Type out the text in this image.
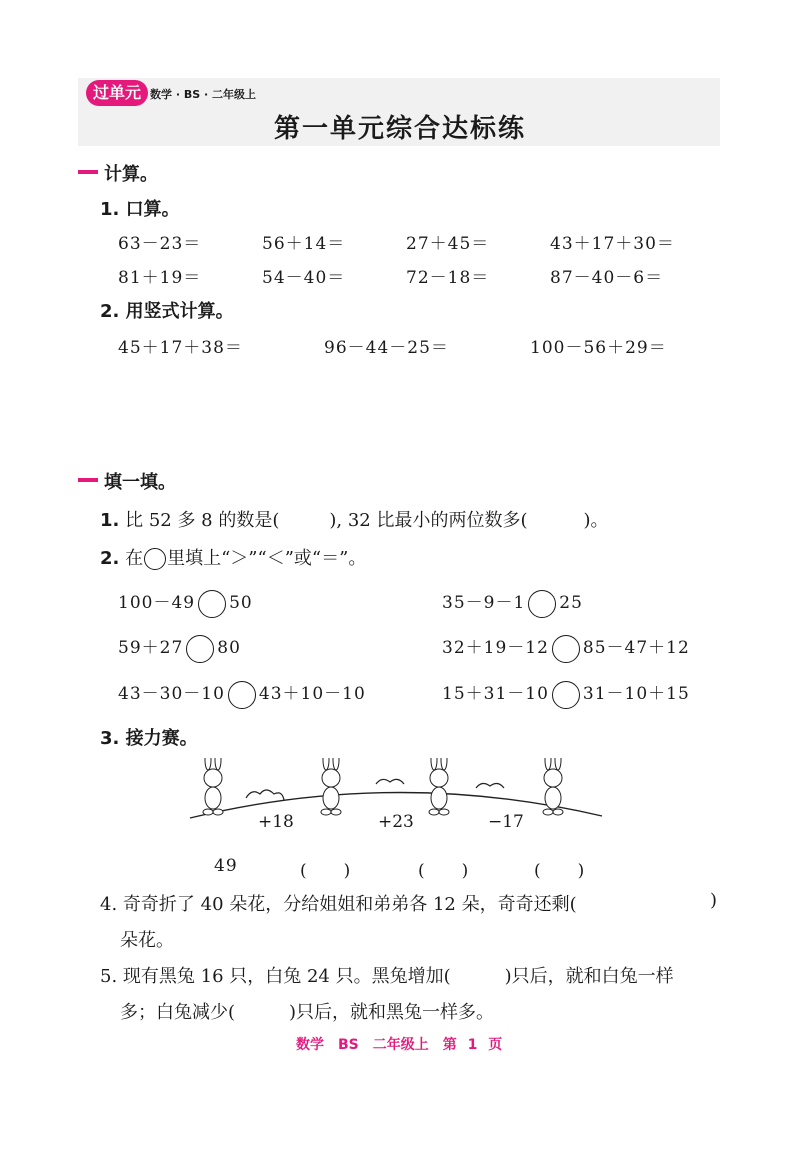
过单元 数学 · BS · 二年级上
第一单元综合达标练
计算。
1. 口算。
63－23＝	56＋14＝	27＋45＝	43＋17＋30＝
81＋19＝	54－40＝	72－18＝	87－40－6＝
2. 用竖式计算。
45＋17＋38＝	96－44－25＝	100－56＋29＝
填一填。
1. 比 52 多 8 的数是(	), 32 比最小的两位数多(	)。
2. 在 里填上“＞”“＜”或“＝”。
100－49 50	35－9－1 25
59＋27 80	32＋19－12 85－47＋12
43－30－10 43＋10－10	15＋31－10 31－10＋15
3. 接力赛。
+18	+23	−17
49	(　　)	(　　)	(　　)
4. 奇奇折了 40 朵花，分给姐姐和弟弟各 12 朵，奇奇还剩(	)
朵花。
5. 现有黑兔 16 只，白兔 24 只。黑兔增加(　　　)只后，就和白兔一样
多；白兔减少(　　　)只后，就和黑兔一样多。
数学　BS　二年级上　第 1 页
